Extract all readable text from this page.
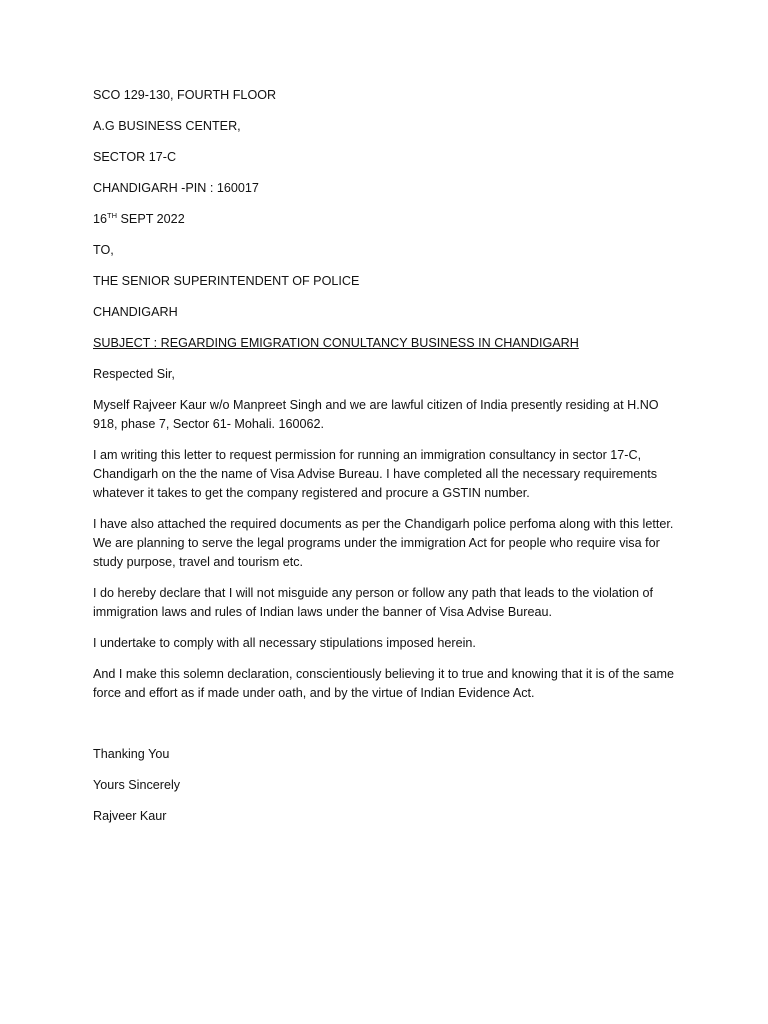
SCO 129-130, FOURTH FLOOR

A.G BUSINESS CENTER,

SECTOR 17-C

CHANDIGARH -PIN : 160017

16TH SEPT 2022

TO,

THE SENIOR SUPERINTENDENT OF POLICE

CHANDIGARH

SUBJECT : REGARDING EMIGRATION CONULTANCY BUSINESS IN CHANDIGARH

Respected Sir,

Myself Rajveer Kaur w/o Manpreet Singh and we are lawful citizen of India presently residing at H.NO 918, phase 7, Sector 61- Mohali. 160062.

I am writing this letter to request permission for running an immigration consultancy in sector 17-C, Chandigarh on the the name of Visa Advise Bureau. I have completed all the necessary requirements whatever it takes to get the company registered and procure a GSTIN number.

I have also attached the required documents as per the Chandigarh police perfoma along with this letter. We are planning to serve the legal programs under the immigration Act for people who require visa for study purpose, travel and tourism etc.

I do hereby declare that I will not misguide any person or follow any path that leads to the violation of immigration laws and rules of Indian laws under the banner of Visa Advise Bureau.

I undertake to comply with all necessary stipulations imposed herein.

And I make this solemn declaration, conscientiously believing it to true and knowing that it is of the same force and effort as if made under oath, and by the virtue of Indian Evidence Act.

Thanking You

Yours Sincerely

Rajveer Kaur
